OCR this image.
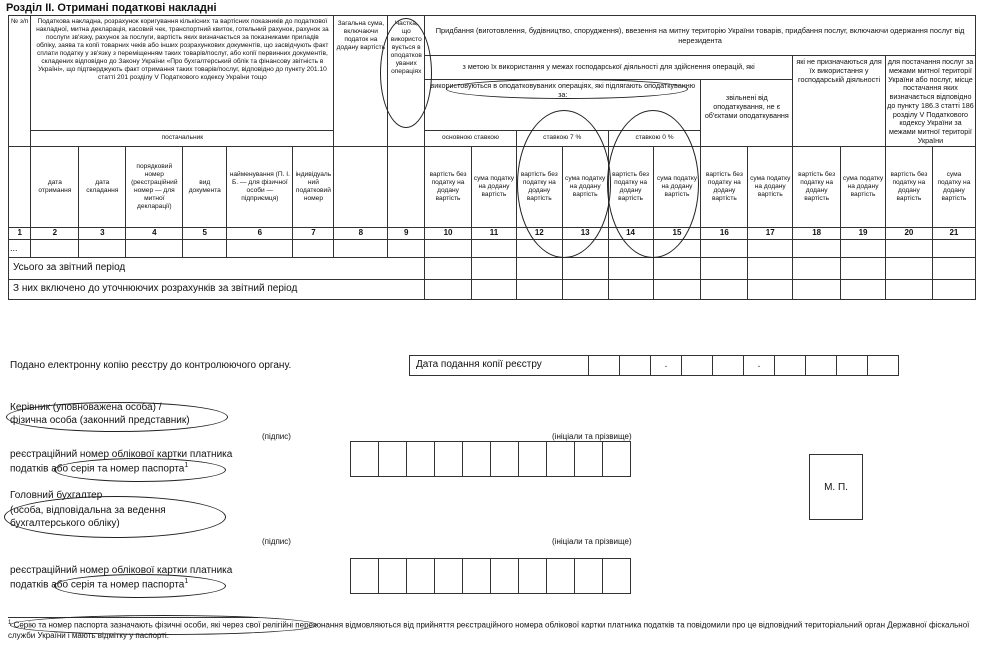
Розділ ІІ. Отримані податкові накладні
№ з/п	Податкова накладна, розрахунок коригування кількісних та вартісних показників до податкової накладної, митна декларація, касовий чек, транспортний квиток, готельний рахунок, рахунок за послуги зв'язку, рахунок за послуги, вартість яких визначається за показниками приладів обліку, заява та копії товарних чеків або інших розрахункових документів, що засвідчують факт сплати податку у зв'язку з переміщенням таких товарів/послуг, або копії первинних документів, складених відповідно до Закону України «Про бухгалтерський облік та фінансову звітність в Україні», що підтверджують факт отримання таких товарів/послуг, відповідно до пункту 201.10 статті 201 розділу V Податкового кодексу України тощо						Загальна сума, включаючи податок на додану вартість	Частка, що використовується в оподатковуваних операціях	Придбання (виготовлення, будівництво, спорудження), ввезення на митну територію України товарів, придбання послуг, включаючи одержання послуг від нерезидента											
									з метою їх використання у межах господарської діяльності для здійснення операцій, які								які не призначаються для їх використання у господарській діяльності		для постачання послуг за межами митної території України або послуг, місце постачання яких визначається відповідно до пункту 186.3 статті 186 розділу V Податкового кодексу України за межами митної території України	
									використовуються в оподатковуваних операціях, які підлягають оподаткуванню за:						звільнені від оподаткування, не є об'єктами оподаткування					
	постачальник								основною ставкою		ставкою 7 %		ставкою 0 %							
	дата отримання	дата складання	порядковий номер (реєстраційний номер — для митної декларації)	вид документа	найменування (П. І. Б. — для фізичної особи — підприємця)	індивідуальний податковий номер			вартість без податку на додану вартість	сума податку на додану вартість	вартість без податку на додану вартість	сума податку на додану вартість	вартість без податку на додану вартість	сума податку на додану вартість	вартість без податку на додану вартість	сума податку на додану вартість	вартість без податку на додану вартість	сума податку на додану вартість	вартість без податку на додану вартість	сума податку на додану вартість
1	2	3	4	5	6	7	8	9	10	11	12	13	14	15	16	17	18	19	20	21
...																				
Усього за звітний період																				
З них включено до уточнюючих розрахунків за звітний період																				
Подано електронну копію реєстру до контролюючого органу.	Дата подання копії реєстру	.	.
Керівник (уповноважена особа) /
фізична особа (законний представник)
(підпис)	(ініціали та прізвище)
реєстраційний номер облікової картки платника
податків або серія та номер паспорта$^1$
М. П.
Головний бухгалтер
(особа, відповідальна за ведення
бухгалтерського обліку)
(підпис)	(ініціали та прізвище)
реєстраційний номер облікової картки платника
податків або серія та номер паспорта$^1$
$^1$ Серію та номер паспорта зазначають фізичні особи, які через свої релігійні переконання відмовляються від прийняття реєстраційного номера облікової картки платника податків та повідомили про це відповідний територіальний орган Державної фіскальної служби України і мають відмітку у паспорті.
